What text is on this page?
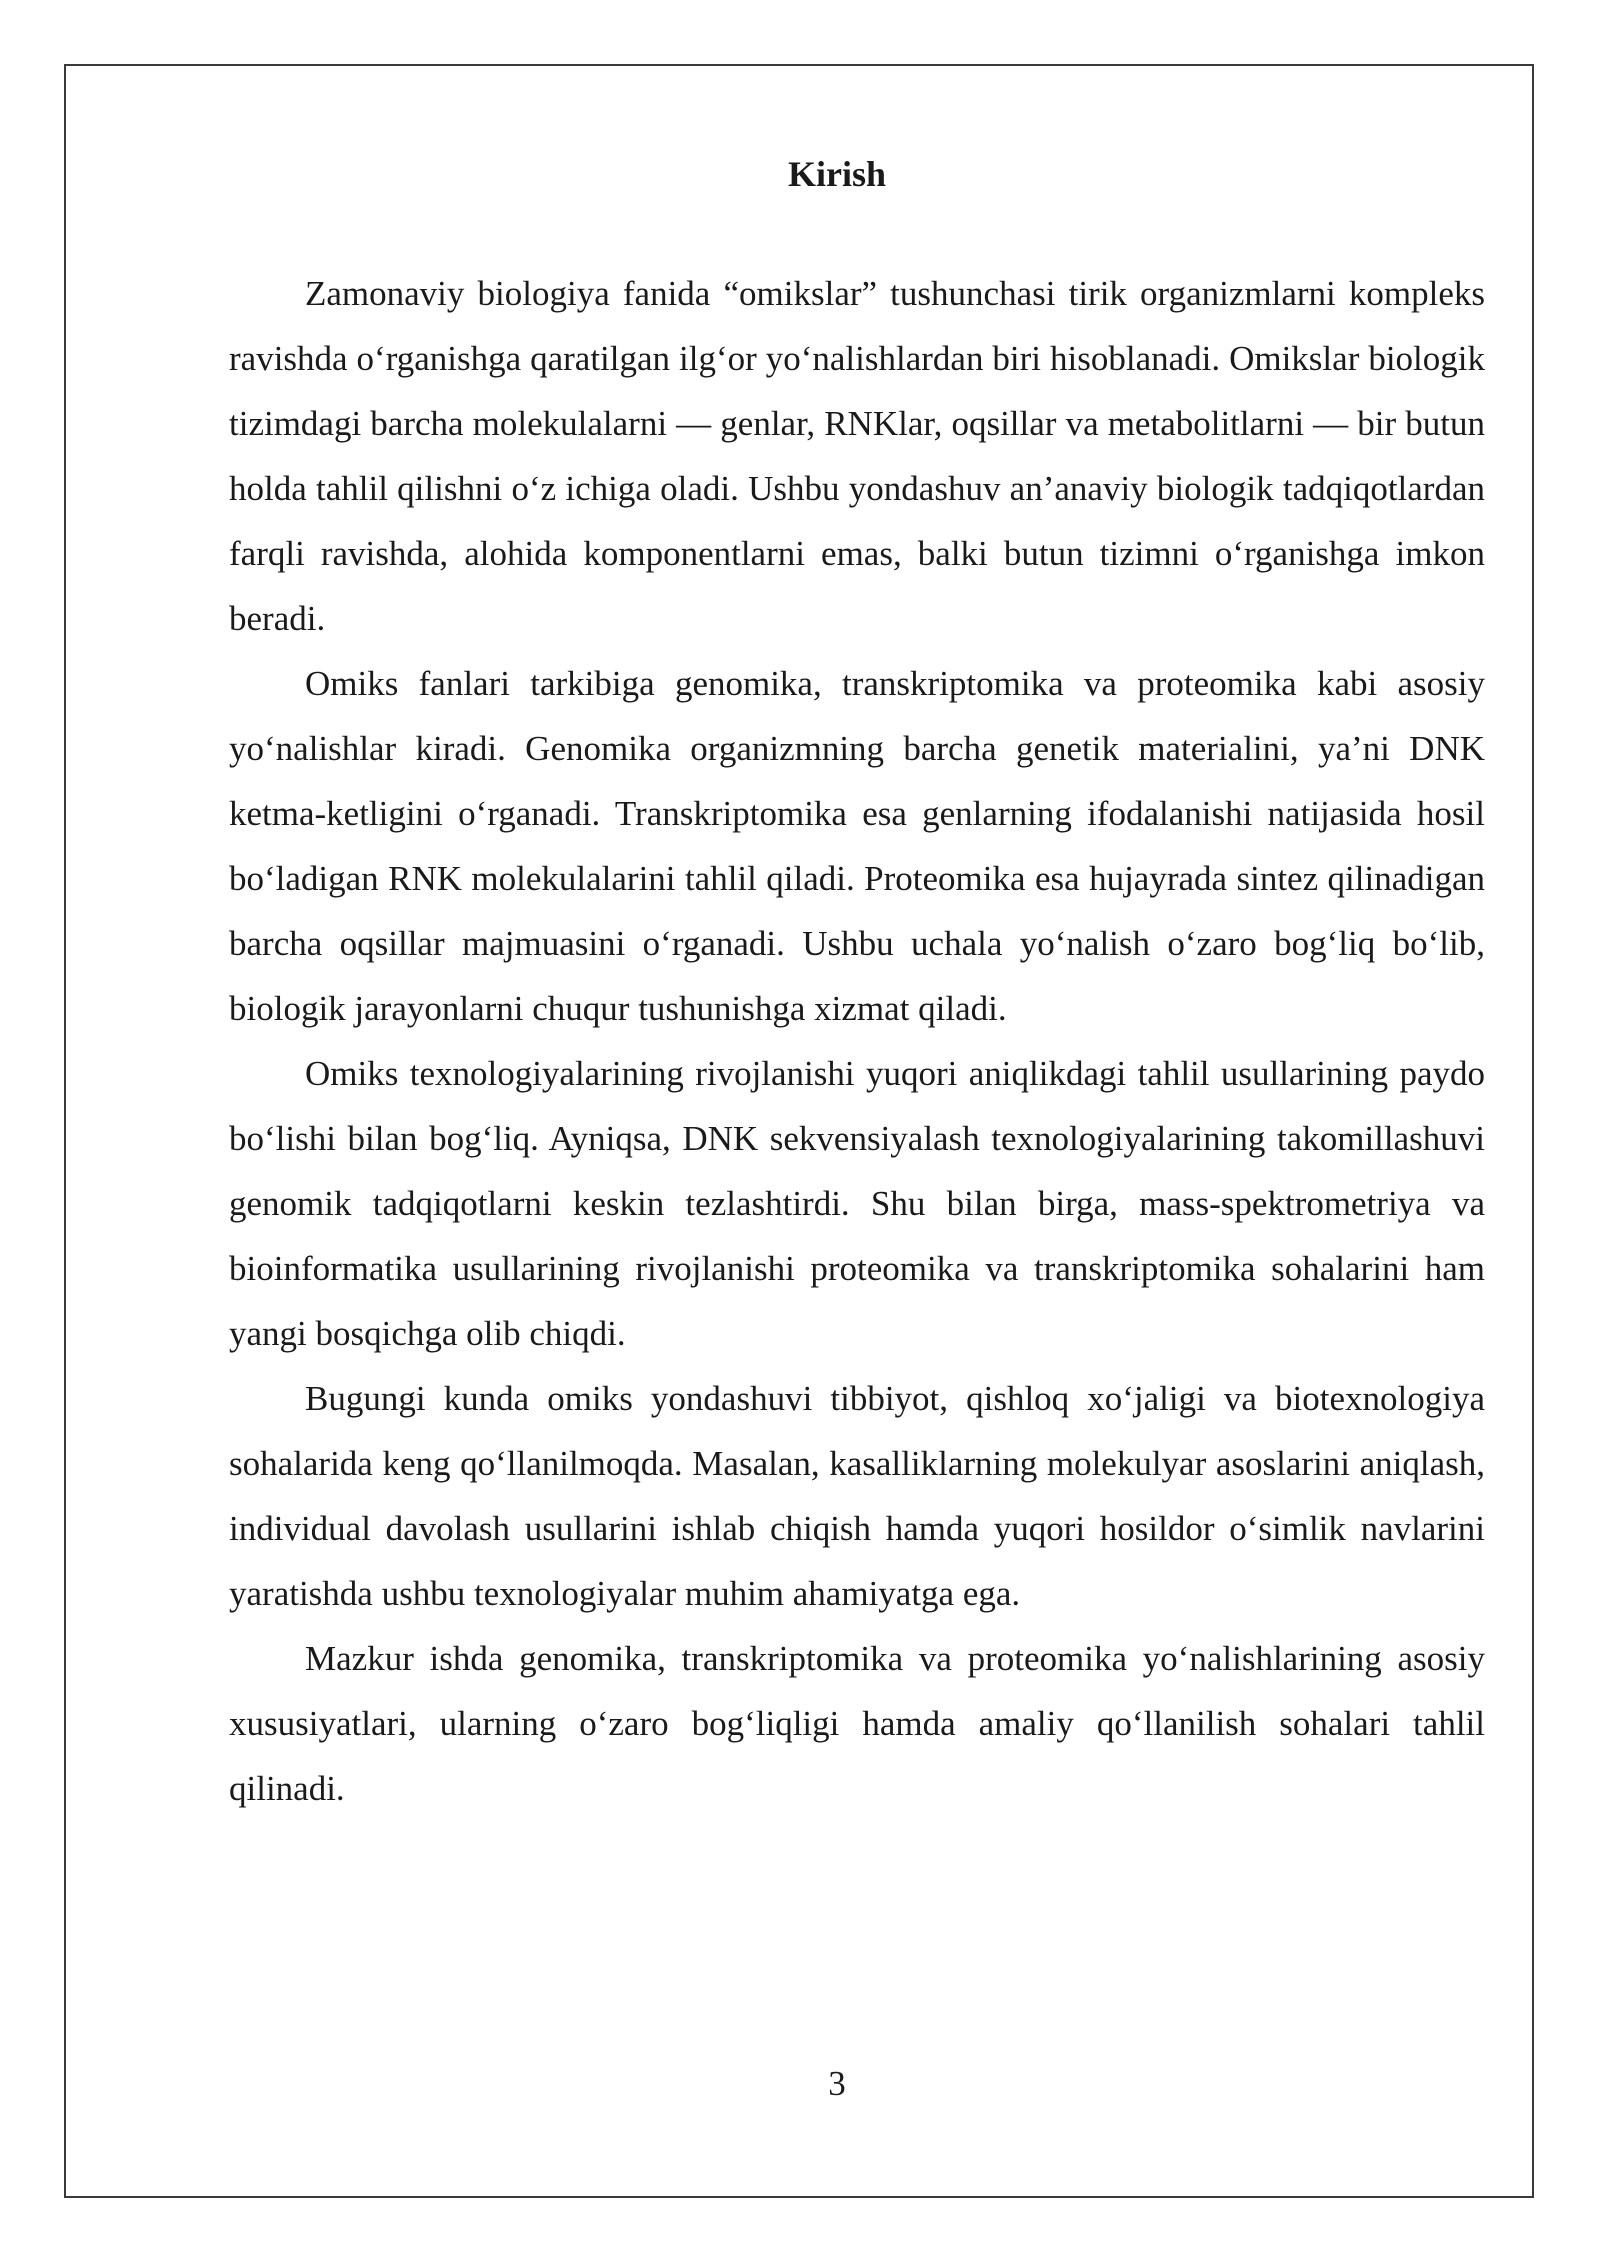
Kirish

Zamonaviy biologiya fanida “omikslar” tushunchasi tirik organizmlarni kompleks ravishda o‘rganishga qaratilgan ilg‘or yo‘nalishlardan biri hisoblanadi. Omikslar biologik tizimdagi barcha molekulalarni — genlar, RNKlar, oqsillar va metabolitlarni — bir butun holda tahlil qilishni o‘z ichiga oladi. Ushbu yondashuv an’anaviy biologik tadqiqotlardan farqli ravishda, alohida komponentlarni emas, balki butun tizimni o‘rganishga imkon beradi.

Omiks fanlari tarkibiga genomika, transkriptomika va proteomika kabi asosiy yo‘nalishlar kiradi. Genomika organizmning barcha genetik materialini, ya’ni DNK ketma-ketligini o‘rganadi. Transkriptomika esa genlarning ifodalanishi natijasida hosil bo‘ladigan RNK molekulalarini tahlil qiladi. Proteomika esa hujayrada sintez qilinadigan barcha oqsillar majmuasini o‘rganadi. Ushbu uchala yo‘nalish o‘zaro bog‘liq bo‘lib, biologik jarayonlarni chuqur tushunishga xizmat qiladi.

Omiks texnologiyalarining rivojlanishi yuqori aniqlikdagi tahlil usullarining paydo bo‘lishi bilan bog‘liq. Ayniqsa, DNK sekvensiyalash texnologiyalarining takomillashuvi genomik tadqiqotlarni keskin tezlashtirdi. Shu bilan birga, mass-spektrometriya va bioinformatika usullarining rivojlanishi proteomika va transkriptomika sohalarini ham yangi bosqichga olib chiqdi.

Bugungi kunda omiks yondashuvi tibbiyot, qishloq xo‘jaligi va biotexnologiya sohalarida keng qo‘llanilmoqda. Masalan, kasalliklarning molekulyar asoslarini aniqlash, individual davolash usullarini ishlab chiqish hamda yuqori hosildor o‘simlik navlarini yaratishda ushbu texnologiyalar muhim ahamiyatga ega.

Mazkur ishda genomika, transkriptomika va proteomika yo‘nalishlarining asosiy xususiyatlari, ularning o‘zaro bog‘liqligi hamda amaliy qo‘llanilish sohalari tahlil qilinadi.

3
